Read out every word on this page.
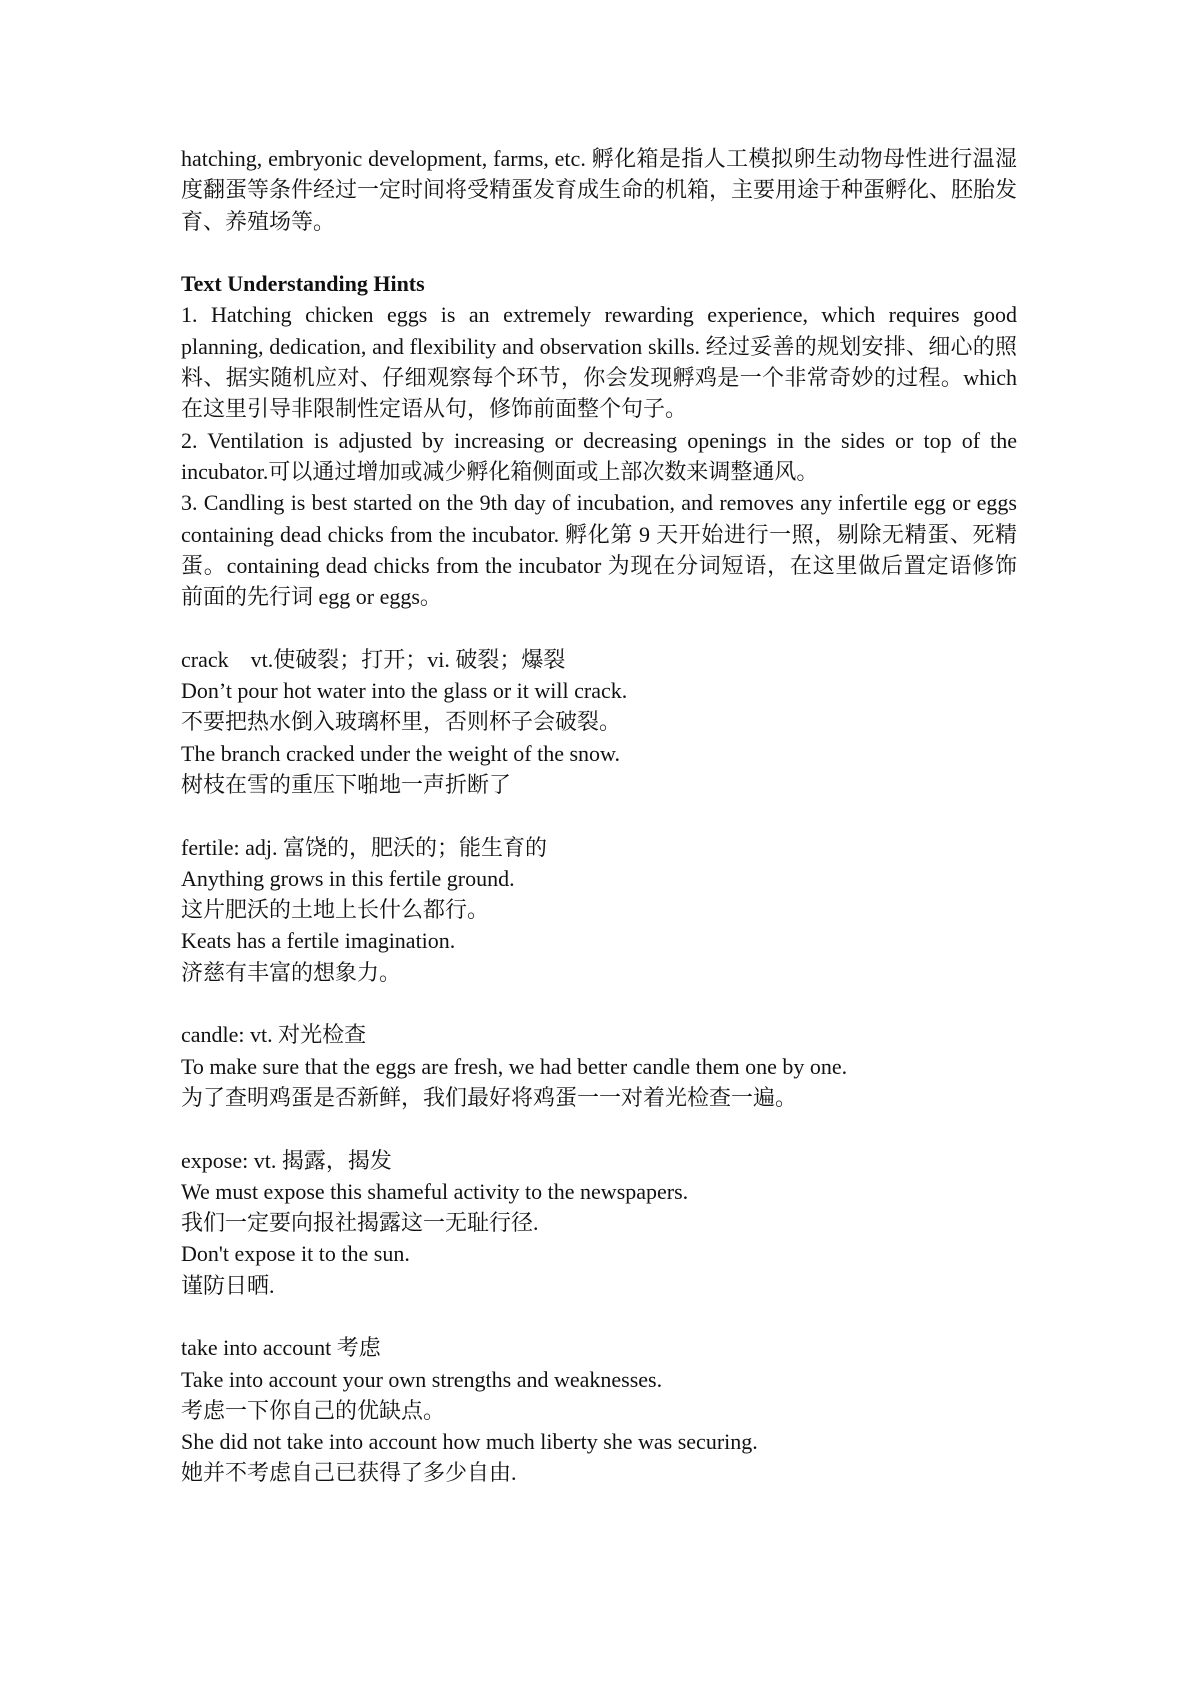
hatching, embryonic development, farms, etc. 孵化箱是指人工模拟卵生动物母性进行温湿度翻蛋等条件经过一定时间将受精蛋发育成生命的机箱，主要用途于种蛋孵化、胚胎发育、养殖场等。

Text Understanding Hints

1. Hatching chicken eggs is an extremely rewarding experience, which requires good planning, dedication, and flexibility and observation skills. 经过妥善的规划安排、细心的照料、据实随机应对、仔细观察每个环节，你会发现孵鸡是一个非常奇妙的过程。which 在这里引导非限制性定语从句，修饰前面整个句子。

2. Ventilation is adjusted by increasing or decreasing openings in the sides or top of the incubator.可以通过增加或减少孵化箱侧面或上部次数来调整通风。

3. Candling is best started on the 9th day of incubation, and removes any infertile egg or eggs containing dead chicks from the incubator. 孵化第 9 天开始进行一照，剔除无精蛋、死精蛋。containing dead chicks from the incubator 为现在分词短语，在这里做后置定语修饰前面的先行词 egg or eggs。

crack　vt.使破裂；打开；vi. 破裂；爆裂

Don’t pour hot water into the glass or it will crack.

不要把热水倒入玻璃杯里，否则杯子会破裂。

The branch cracked under the weight of the snow.

树枝在雪的重压下啪地一声折断了

fertile: adj. 富饶的，肥沃的；能生育的

Anything grows in this fertile ground.

这片肥沃的土地上长什么都行。

Keats has a fertile imagination.

济慈有丰富的想象力。

candle: vt. 对光检查

To make sure that the eggs are fresh, we had better candle them one by one.

为了查明鸡蛋是否新鲜，我们最好将鸡蛋一一对着光检查一遍。

expose: vt. 揭露，揭发

We must expose this shameful activity to the newspapers.

我们一定要向报社揭露这一无耻行径.

Don't expose it to the sun.

谨防日晒.

take into account 考虑

Take into account your own strengths and weaknesses.

考虑一下你自己的优缺点。

She did not take into account how much liberty she was securing.

她并不考虑自己已获得了多少自由.
